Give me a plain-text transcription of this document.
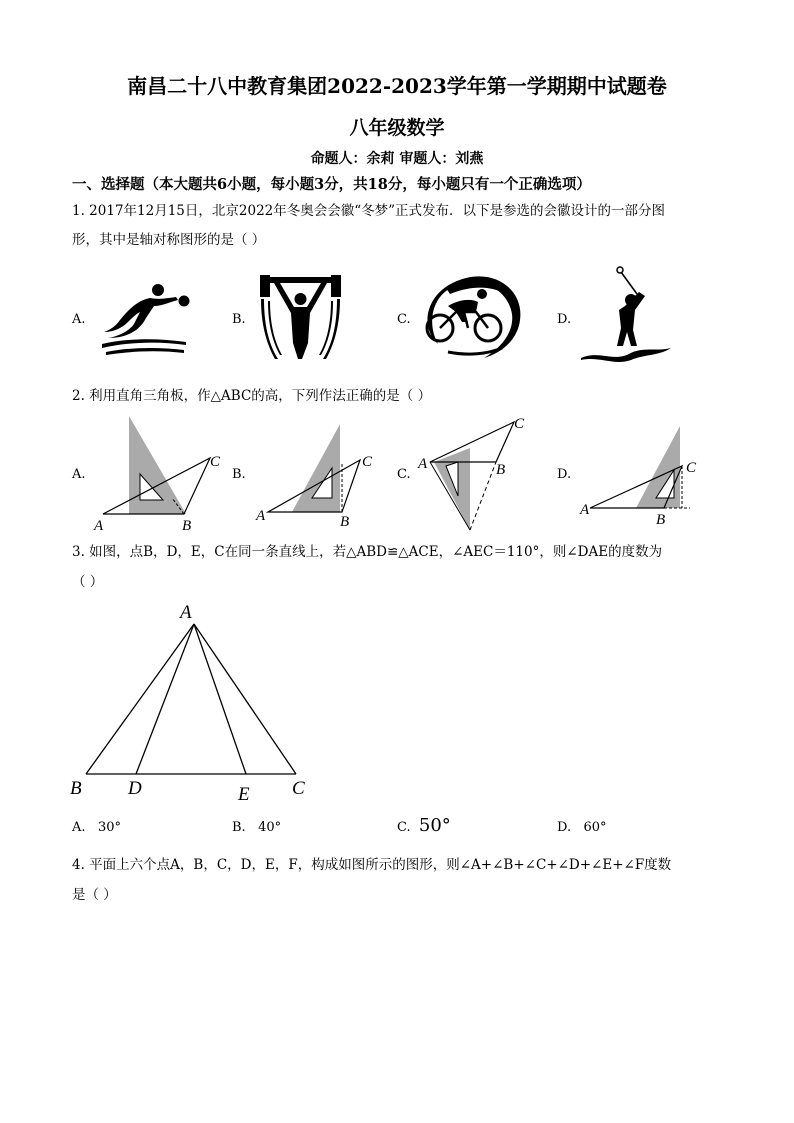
南昌二十八中教育集团2022-2023学年第一学期期中试题卷
八年级数学
命题人：余莉 审题人：刘燕
一、选择题（本大题共6小题，每小题3分，共18分，每小题只有一个正确选项）
1. 2017年12月15日，北京2022年冬奥会会徽“冬梦”正式发布．以下是参选的会徽设计的一部分图
形，其中是轴对称图形的是（ ）
A.	B.	C.	D.
2. 利用直角三角板，作△ABC的高，下列作法正确的是（ ）
A.	B.	C.	D.
A	B
C
A	B
C	A	B
C
A
B
C
3. 如图，点B，D，E，C在同一条直线上，若△ABD≌△ACE，∠AEC＝110°，则∠DAE的度数为
（ ）
A
B D	E C
A. 30°	B. 40°	C. 50°	D. 60°
4. 平面上六个点A，B，C，D，E，F，构成如图所示的图形，则∠A+∠B+∠C+∠D+∠E+∠F度数
是（ ）
